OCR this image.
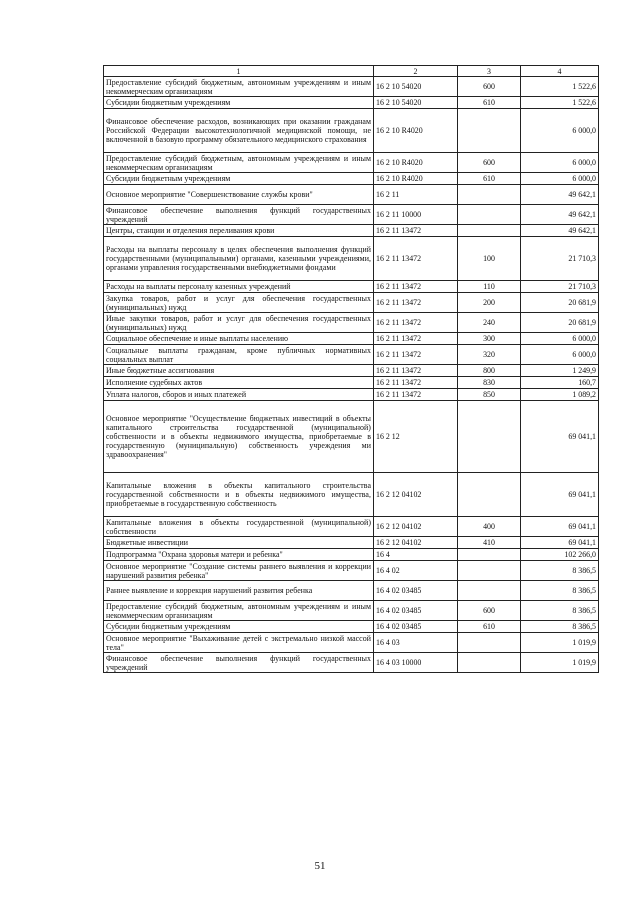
1	2	3	4
Предоставление субсидий бюджетным, автономным учреждениям и иным некоммерческим организациям	16 2 10 54020	600	1 522,6
Субсидии бюджетным учреждениям	16 2 10 54020	610	1 522,6
Финансовое обеспечение расходов, возникающих при оказании гражданам Российской Федерации высокотехнологичной медицинской помощи, не включенной в базовую программу обязательного медицинского страхования	16 2 10 R4020		6 000,0
Предоставление субсидий бюджетным, автономным учреждениям и иным некоммерческим организациям	16 2 10 R4020	600	6 000,0
Субсидии бюджетным учреждениям	16 2 10 R4020	610	6 000,0
Основное мероприятие "Совершенствование службы крови"	16 2 11		49 642,1
Финансовое обеспечение выполнения функций государственных учреждений	16 2 11 10000		49 642,1
Центры, станции и отделения переливания крови	16 2 11 13472		49 642,1
Расходы на выплаты персоналу в целях обеспечения выполнения функций государственными (муниципальными) органами, казенными учреждениями, органами управления государственными внебюджетными фондами	16 2 11 13472	100	21 710,3
Расходы на выплаты персоналу казенных учреждений	16 2 11 13472	110	21 710,3
Закупка товаров, работ и услуг для обеспечения государственных (муниципальных) нужд	16 2 11 13472	200	20 681,9
Иные закупки товаров, работ и услуг для обеспечения государственных (муниципальных) нужд	16 2 11 13472	240	20 681,9
Социальное обеспечение и иные выплаты населению	16 2 11 13472	300	6 000,0
Социальные выплаты гражданам, кроме публичных нормативных социальных выплат	16 2 11 13472	320	6 000,0
Иные бюджетные ассигнования	16 2 11 13472	800	1 249,9
Исполнение судебных актов	16 2 11 13472	830	160,7
Уплата налогов, сборов и иных платежей	16 2 11 13472	850	1 089,2
Основное мероприятие "Осуществление бюджетных инвестиций в объекты капитального строительства государственной (муниципальной) собственности и в объекты недвижимого имущества, приобретаемые в государственную (муниципальную) собственность учреждения ми здравоохранения"	16 2 12		69 041,1
Капитальные вложения в объекты капитального строительства государственной собственности и в объекты недвижимого имущества, приобретаемые в государственную собственность	16 2 12 04102		69 041,1
Капитальные вложения в объекты государственной (муниципальной) собственности	16 2 12 04102	400	69 041,1
Бюджетные инвестиции	16 2 12 04102	410	69 041,1
Подпрограмма "Охрана здоровья матери и ребенка"	16 4		102 266,0
Основное мероприятие "Создание системы раннего выявления и коррекции нарушений развития ребенка"	16 4 02		8 386,5
Раннее выявление и коррекция нарушений развития ребенка	16 4 02 03485		8 386,5
Предоставление субсидий бюджетным, автономным учреждениям и иным некоммерческим организациям	16 4 02 03485	600	8 386,5
Субсидии бюджетным учреждениям	16 4 02 03485	610	8 386,5
Основное мероприятие "Выхаживание детей с экстремально низкой массой тела"	16 4 03		1 019,9
Финансовое обеспечение выполнения функций государственных учреждений	16 4 03 10000		1 019,9
51
